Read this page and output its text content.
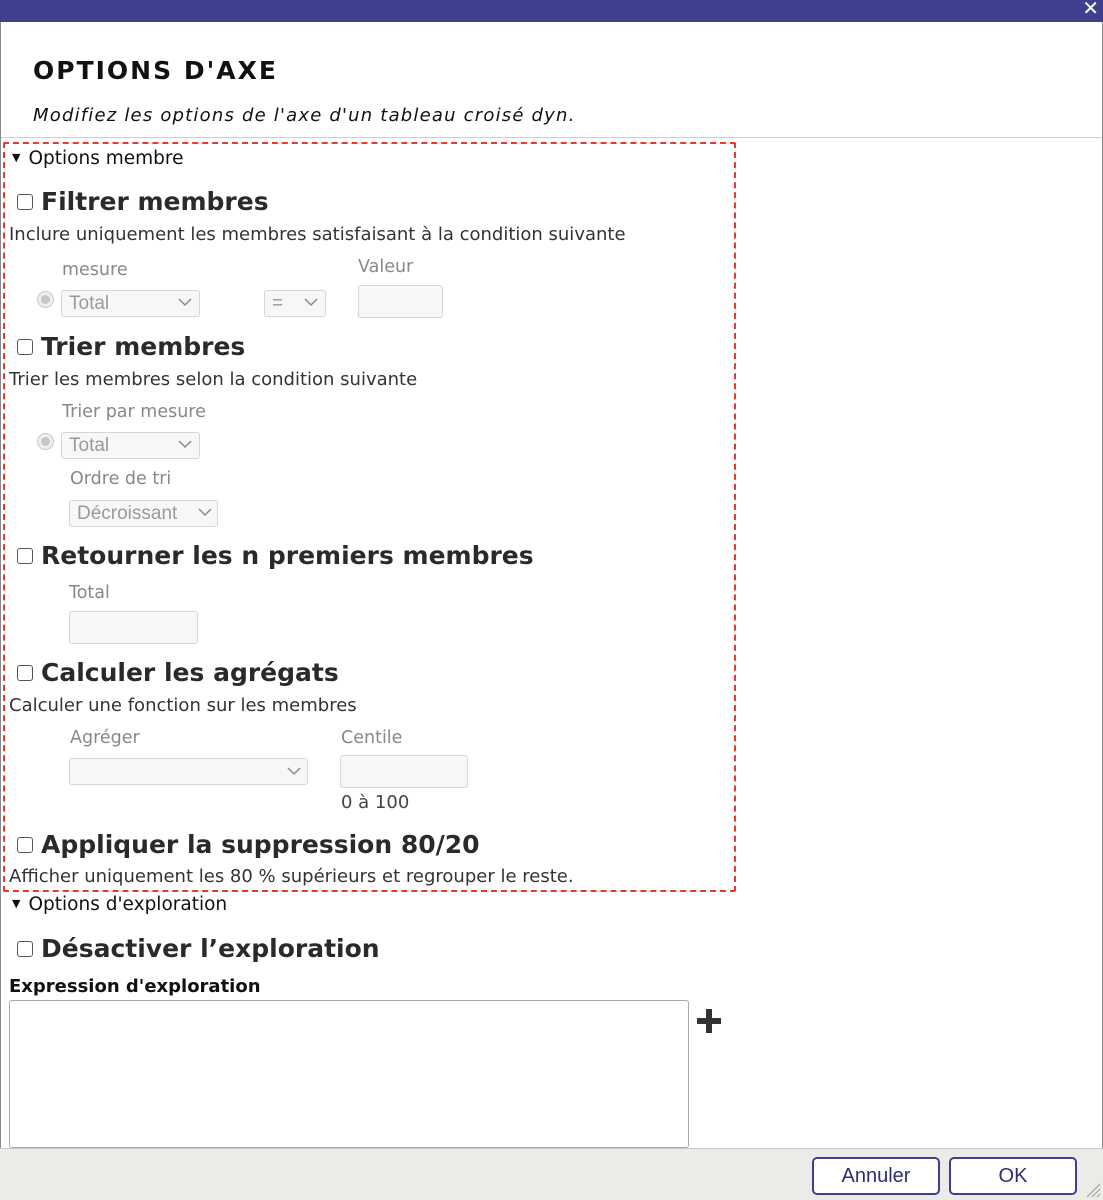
✕
OPTIONS D'AXE
Modifiez les options de l'axe d'un tableau croisé dyn.
▼ Options membre
Filtrer membres
Inclure uniquement les membres satisfaisant à la condition suivante
mesure	Valeur
Total	=
Trier membres
Trier les membres selon la condition suivante
Trier par mesure
Total
Ordre de tri
Décroissant
Retourner les n premiers membres
Total
Calculer les agrégats
Calculer une fonction sur les membres
Agréger	Centile
0 à 100
Appliquer la suppression 80/20
Afficher uniquement les 80 % supérieurs et regrouper le reste.
▼ Options d'exploration
Désactiver l’exploration
Expression d'exploration
Annuler	OK
